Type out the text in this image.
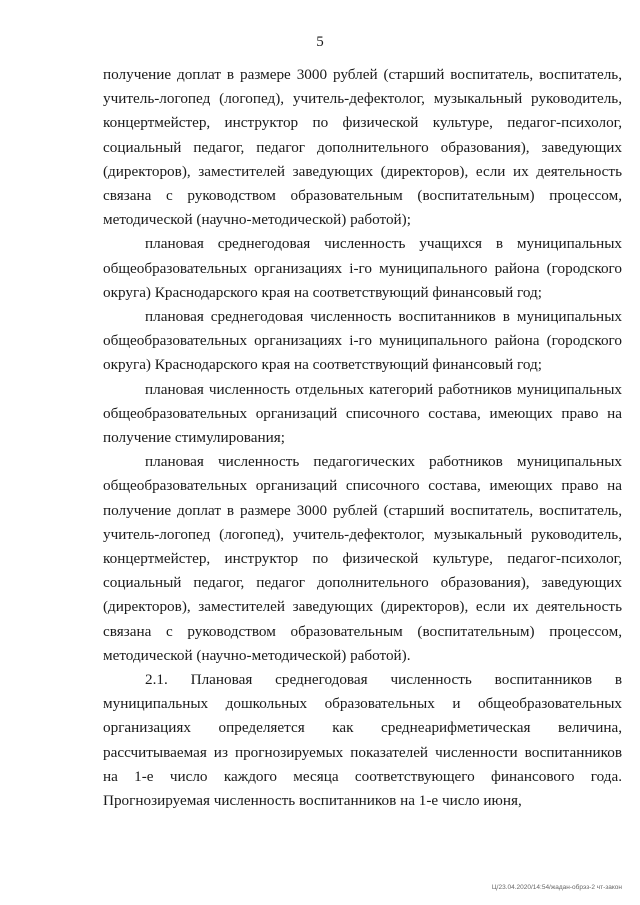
5

получение доплат в размере 3000 рублей (старший воспитатель, воспитатель, учитель-логопед (логопед), учитель-дефектолог, музыкальный руководитель, концертмейстер, инструктор по физической культуре, педагог-психолог, социальный педагог, педагог дополнительного образования), заведующих (директоров), заместителей заведующих (директоров), если их деятельность связана с руководством образовательным (воспитательным) процессом, методической (научно-методической) работой);

плановая среднегодовая численность учащихся в муниципальных общеобразовательных организациях i-го муниципального района (городского округа) Краснодарского края на соответствующий финансовый год;

плановая среднегодовая численность воспитанников в муниципальных общеобразовательных организациях i-го муниципального района (городского округа) Краснодарского края на соответствующий финансовый год;

плановая численность отдельных категорий работников муниципальных общеобразовательных организаций списочного состава, имеющих право на получение стимулирования;

плановая численность педагогических работников муниципальных общеобразовательных организаций списочного состава, имеющих право на получение доплат в размере 3000 рублей (старший воспитатель, воспитатель, учитель-логопед (логопед), учитель-дефектолог, музыкальный руководитель, концертмейстер, инструктор по физической культуре, педагог-психолог, социальный педагог, педагог дополнительного образования), заведующих (директоров), заместителей заведующих (директоров), если их деятельность связана с руководством образовательным (воспитательным) процессом, методической (научно-методической) работой).

2.1. Плановая среднегодовая численность воспитанников в муниципальных дошкольных образовательных и общеобразовательных организациях определяется как среднеарифметическая величина, рассчитываемая из прогнозируемых показателей численности воспитанников на 1-е число каждого месяца соответствующего финансового года. Прогнозируемая численность воспитанников на 1-е число июня,

Ц/23.04.2020/14:54/жадан-обрэз-2 чт-закон
